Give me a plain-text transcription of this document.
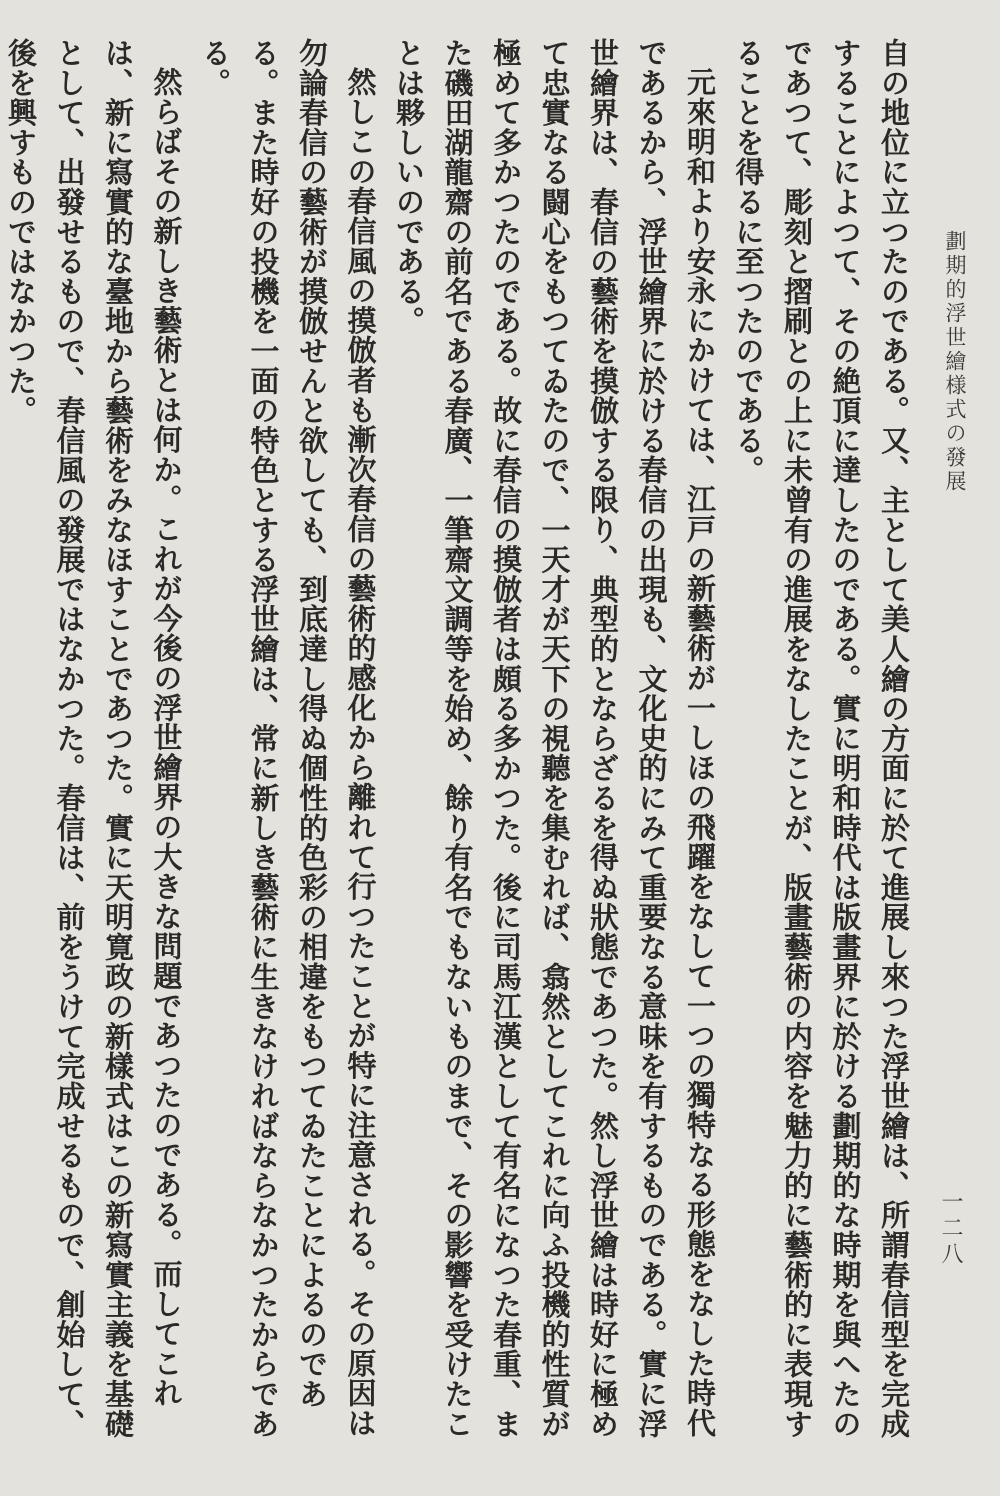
劃期的浮世繪様式の發展
一二八

自の地位に立つたのである。又、主として美人繪の方面に於て進展し來つた浮世繪は、所謂春信型を完成することによつて、その絶頂に達したのである。實に明和時代は版畫界に於ける劃期的な時期を與へたのであつて、彫刻と摺刷との上に未曾有の進展をなしたことが、版畫藝術の内容を魅力的に藝術的に表現することを得るに至つたのである。

元來明和より安永にかけては、江戸の新藝術が一しほの飛躍をなして一つの獨特なる形態をなした時代であるから、浮世繪界に於ける春信の出現も、文化史的にみて重要なる意味を有するものである。實に浮世繪界は、春信の藝術を摸倣する限り、典型的とならざるを得ぬ狀態であつた。然し浮世繪は時好に極めて忠實なる闘心をもつてゐたので、一天才が天下の視聽を集むれば、翕然としてこれに向ふ投機的性質が極めて多かつたのである。故に春信の摸倣者は頗る多かつた。後に司馬江漢として有名になつた春重、また磯田湖龍齋の前名である春廣、一筆齋文調等を始め、餘り有名でもないものまで、その影響を受けたことは夥しいのである。

然しこの春信風の摸倣者も漸次春信の藝術的感化から離れて行つたことが特に注意される。その原因は勿論春信の藝術が摸倣せんと欲しても、到底達し得ぬ個性的色彩の相違をもつてゐたことによるのである。また時好の投機を一面の特色とする浮世繪は、常に新しき藝術に生きなければならなかつたからである。

然らばその新しき藝術とは何か。これが今後の浮世繪界の大きな問題であつたのである。而してこれは、新に寫實的な臺地から藝術をみなほすことであつた。實に天明寛政の新樣式はこの新寫實主義を基礎として、出發せるもので、春信風の發展ではなかつた。春信は、前をうけて完成せるもので、創始して、後を興すものではなかつた。
